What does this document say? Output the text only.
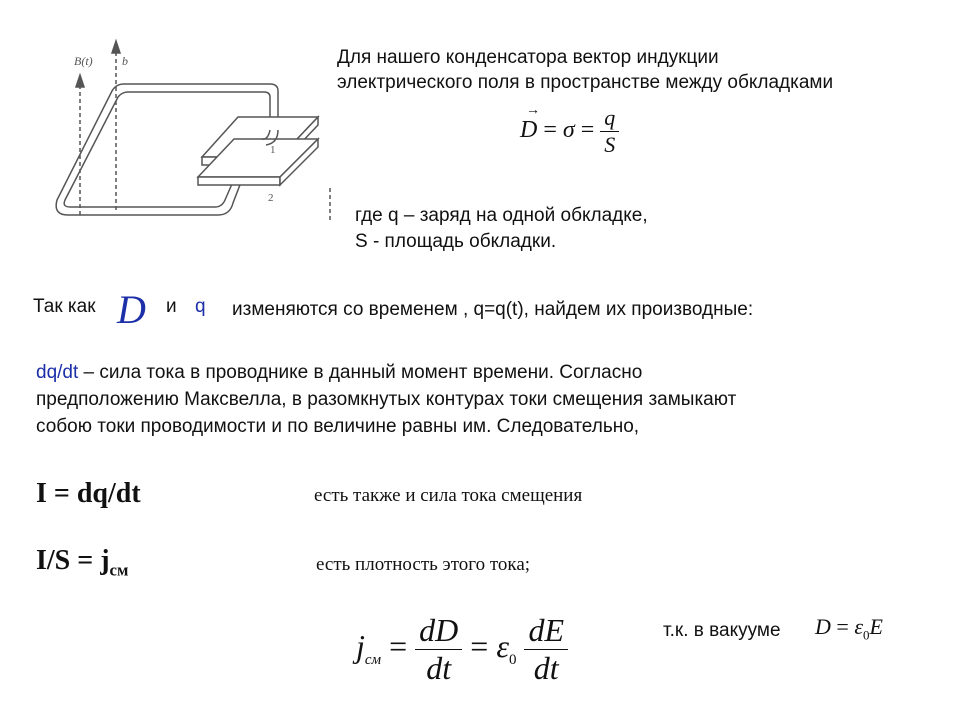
B(t) b
1
2
Для нашего конденсатора вектор индукции
электрического поля в пространстве между обкладками
→
$D = \sigma = \frac{q}{S}$
где q – заряд на одной обкладке,
S - площадь обкладки.
Так как D и q изменяются со временем , q=q(t), найдем их производные:
dq/dt – сила тока в проводнике в данный момент времени. Согласно
предположению Максвелла, в разомкнутых контурах токи смещения замыкают
собою токи проводимости и по величине равны им. Следовательно,
I = dq/dt	есть также и сила тока смещения
$I/S = j_{см}$	есть плотность этого тока;
$j_{см} = \frac{dD}{dt} = \varepsilon_0 \frac{dE}{dt}$	т.к. в вакууме $D = \varepsilon_0E$
